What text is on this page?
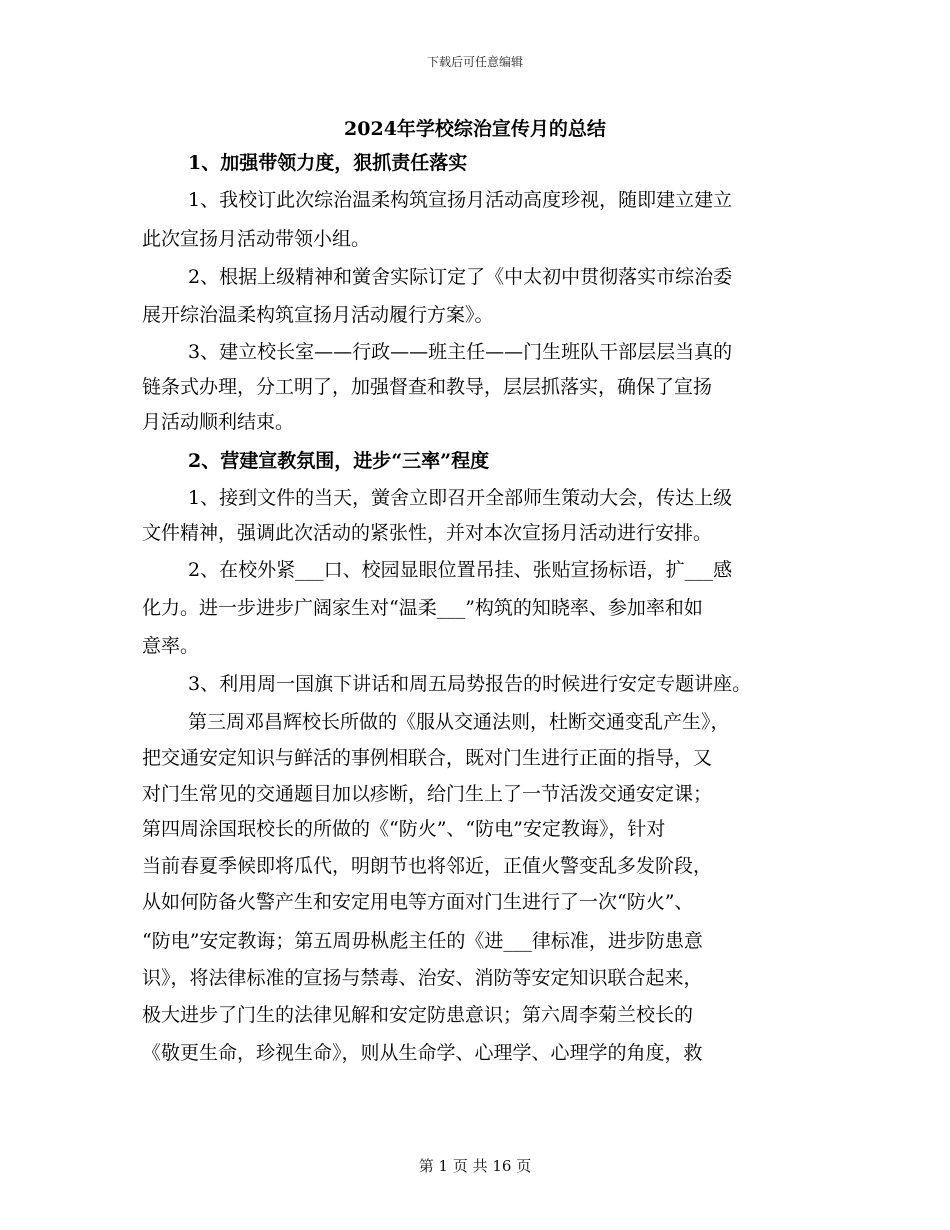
下载后可任意编辑
2024年学校综治宣传月的总结
1、加强带领力度，狠抓责任落实
1、我校订此次综治温柔构筑宣扬月活动高度珍视，随即建立建立
此次宣扬月活动带领小组。
2、根据上级精神和黉舍实际订定了《中太初中贯彻落实市综治委
展开综治温柔构筑宣扬月活动履行方案》。
3、建立校长室——行政——班主任——门生班队干部层层当真的
链条式办理，分工明了，加强督查和教导，层层抓落实，确保了宣扬
月活动顺利结束。
2、营建宣教氛围，进步“三率”程度
1、接到文件的当天，黉舍立即召开全部师生策动大会，传达上级
文件精神，强调此次活动的紧张性，并对本次宣扬月活动进行安排。
2、在校外紧___口、校园显眼位置吊挂、张贴宣扬标语，扩___感
化力。进一步进步广阔家生对“温柔___”构筑的知晓率、参加率和如
意率。
3、利用周一国旗下讲话和周五局势报告的时候进行安定专题讲座。
第三周邓昌辉校长所做的《服从交通法则，杜断交通变乱产生》，
把交通安定知识与鲜活的事例相联合，既对门生进行正面的指导，又
对门生常见的交通题目加以疹断，给门生上了一节活泼交通安定课；
第四周涂国珉校长的所做的《“防火”、“防电”安定教诲》，针对
当前春夏季候即将瓜代，明朗节也将邻近，正值火警变乱多发阶段，
从如何防备火警产生和安定用电等方面对门生进行了一次“防火”、
“防电”安定教诲；第五周毋枞彪主任的《进___律标准，进步防患意
识》，将法律标准的宣扬与禁毒、治安、消防等安定知识联合起来，
极大进步了门生的法律见解和安定防患意识；第六周李菊兰校长的
《敬更生命，珍视生命》，则从生命学、心理学、心理学的角度，救
第 1 页 共 16 页
